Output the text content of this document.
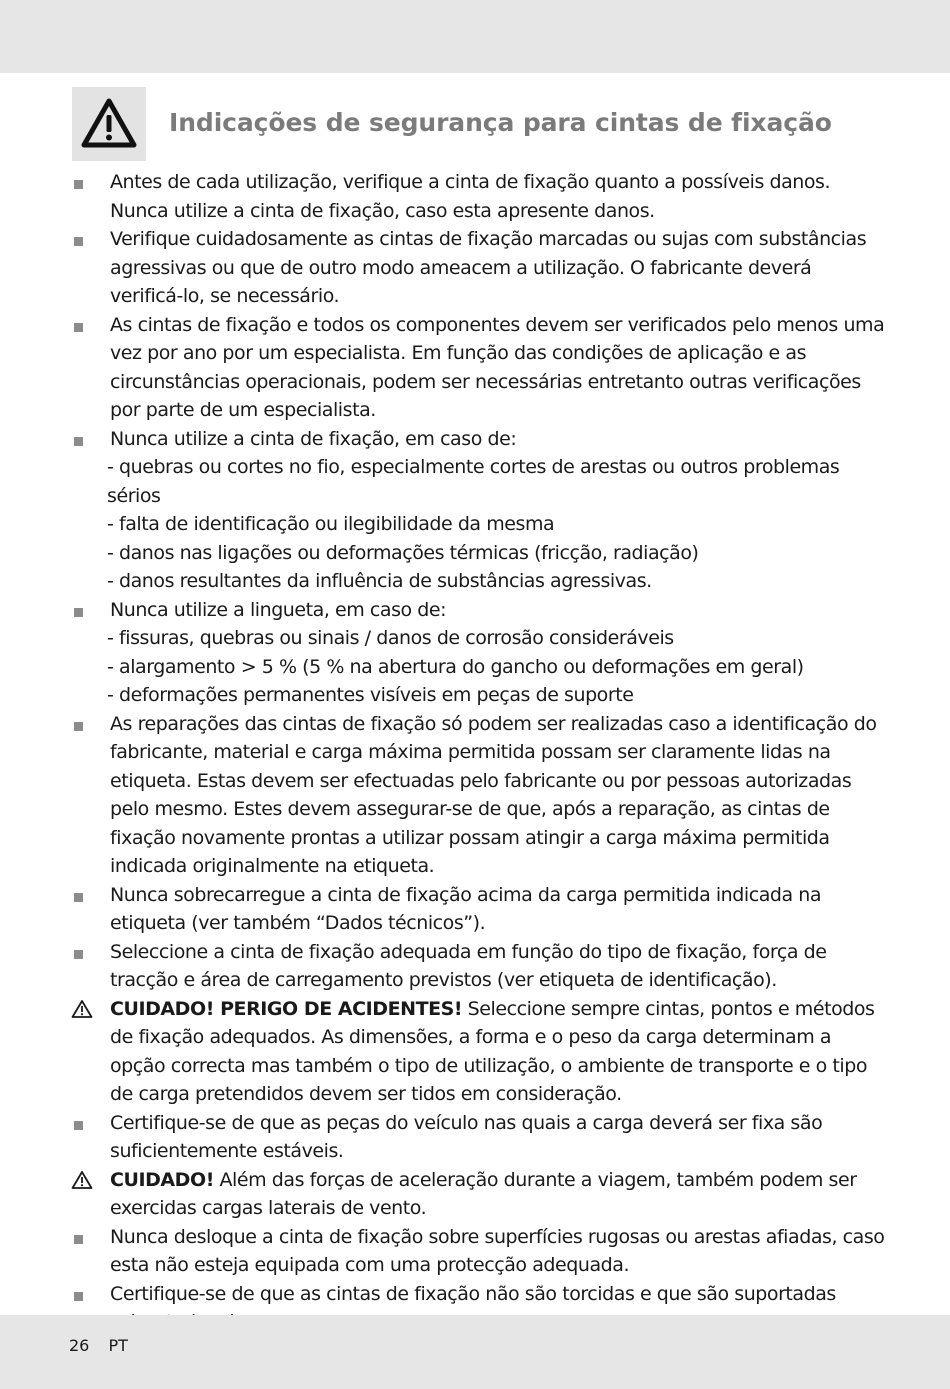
Indicações de segurança para cintas de fixação
Antes de cada utilização, verifique a cinta de fixação quanto a possíveis danos. Nunca utilize a cinta de fixação, caso esta apresente danos.
Verifique cuidadosamente as cintas de fixação marcadas ou sujas com substâncias agressivas ou que de outro modo ameacem a utilização. O fabricante deverá verificá-lo, se necessário.
As cintas de fixação e todos os componentes devem ser verificados pelo menos uma vez por ano por um especialista. Em função das condições de aplicação e as circunstâncias operacionais, podem ser necessárias entretanto outras verificações por parte de um especialista.
Nunca utilize a cinta de fixação, em caso de:
- quebras ou cortes no fio, especialmente cortes de arestas ou outros problemas sérios
- falta de identificação ou ilegibilidade da mesma
- danos nas ligações ou deformações térmicas (fricção, radiação)
- danos resultantes da influência de substâncias agressivas.
Nunca utilize a lingueta, em caso de:
- fissuras, quebras ou sinais / danos de corrosão consideráveis
- alargamento > 5 % (5 % na abertura do gancho ou deformações em geral)
- deformações permanentes visíveis em peças de suporte
As reparações das cintas de fixação só podem ser realizadas caso a identificação do fabricante, material e carga máxima permitida possam ser claramente lidas na etiqueta. Estas devem ser efectuadas pelo fabricante ou por pessoas autorizadas pelo mesmo. Estes devem assegurar-se de que, após a reparação, as cintas de fixação novamente prontas a utilizar possam atingir a carga máxima permitida indicada originalmente na etiqueta.
Nunca sobrecarregue a cinta de fixação acima da carga permitida indicada na etiqueta (ver também “Dados técnicos”).
Seleccione a cinta de fixação adequada em função do tipo de fixação, força de tracção e área de carregamento previstos (ver etiqueta de identificação).
CUIDADO! PERIGO DE ACIDENTES! Seleccione sempre cintas, pontos e métodos de fixação adequados. As dimensões, a forma e o peso da carga determinam a opção correcta mas também o tipo de utilização, o ambiente de transporte e o tipo de carga pretendidos devem ser tidos em consideração.
Certifique-se de que as peças do veículo nas quais a carga deverá ser fixa são suficientemente estáveis.
CUIDADO! Além das forças de aceleração durante a viagem, também podem ser exercidas cargas laterais de vento.
Nunca desloque a cinta de fixação sobre superfícies rugosas ou arestas afiadas, caso esta não esteja equipada com uma protecção adequada.
Certifique-se de que as cintas de fixação não são torcidas e que são suportadas
26 PT
